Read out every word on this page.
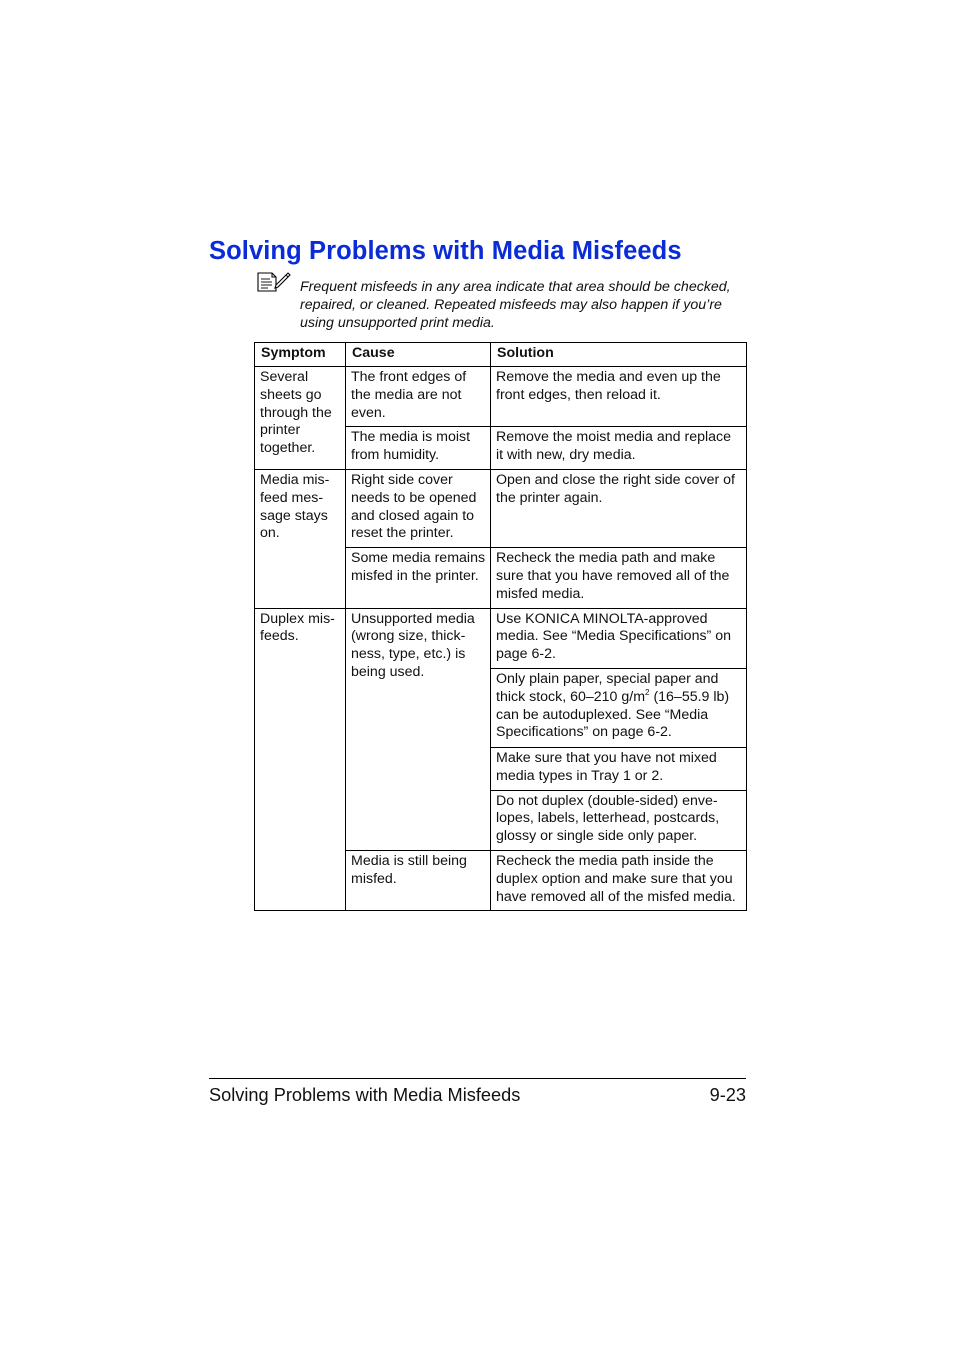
Solving Problems with Media Misfeeds

Frequent misfeeds in any area indicate that area should be checked, repaired, or cleaned. Repeated misfeeds may also happen if you’re using unsupported print media.

Symptom	Cause	Solution
Several sheets go through the printer together.	The front edges of the media are not even.	Remove the media and even up the front edges, then reload it.
	The media is moist from humidity.	Remove the moist media and replace it with new, dry media.
Media mis-feed mes-sage stays on.	Right side cover needs to be opened and closed again to reset the printer.	Open and close the right side cover of the printer again.
	Some media remains misfed in the printer.	Recheck the media path and make sure that you have removed all of the misfed media.
Duplex mis-feeds.	Unsupported media (wrong size, thick-ness, type, etc.) is being used.	Use KONICA MINOLTA-approved media. See “Media Specifications” on page 6-2.
		Only plain paper, special paper and thick stock, 60–210 $g/m^2$ (16–55.9 lb) can be autoduplexed. See “Media Specifications” on page 6-2.
		Make sure that you have not mixed media types in Tray 1 or 2.
		Do not duplex (double-sided) enve-lopes, labels, letterhead, postcards, glossy or single side only paper.
	Media is still being misfed.	Recheck the media path inside the duplex option and make sure that you have removed all of the misfed media.
Solving Problems with Media Misfeeds	9-23
